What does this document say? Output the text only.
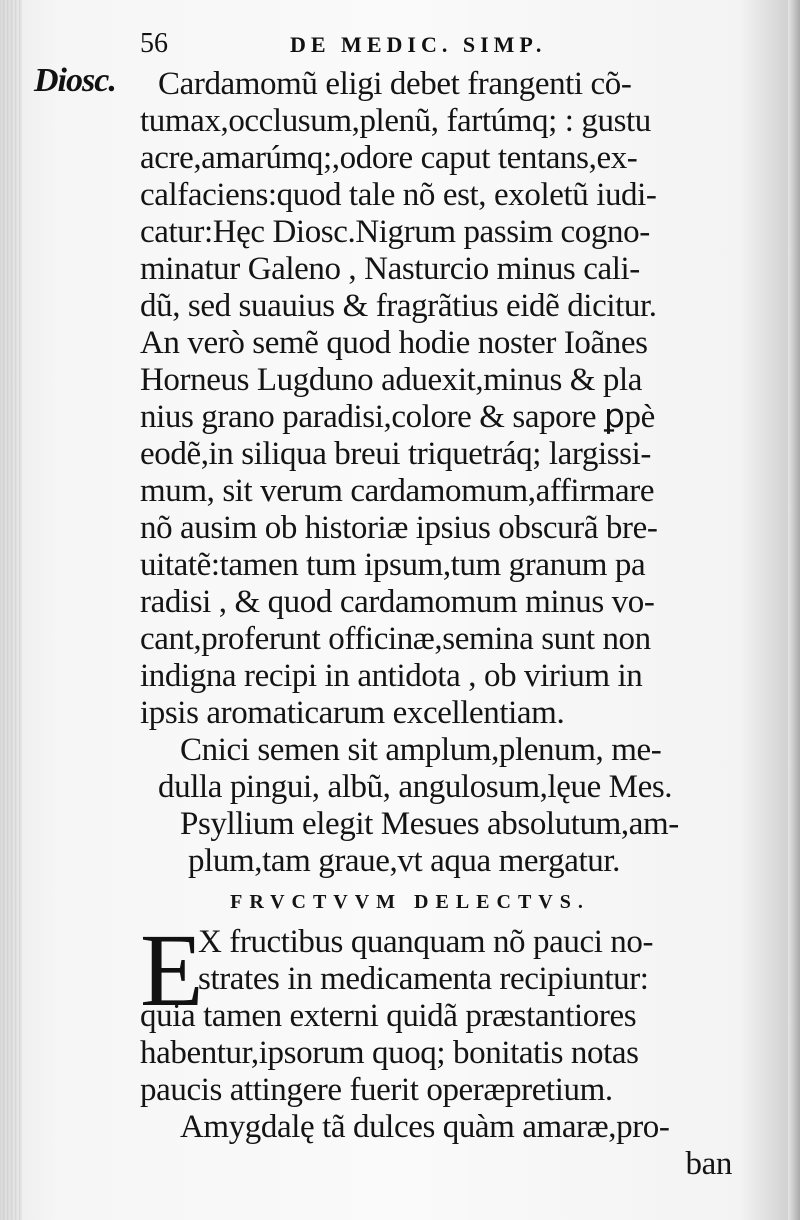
56	DE MEDIC. SIMP.
Diosc.	Cardamomũ eligi debet frangenti cõ-
tumax,occlusum,plenũ, fartúmq; : gustu
acre,amarúmq;,odore caput tentans,ex-
calfaciens:quod tale nõ est, exoletũ iudi-
catur:Hęc Diosc.Nigrum passim cogno-
minatur Galeno , Nasturcio minus cali-
dũ, sed suauius & fragrãtius eidẽ dicitur.
An verò semẽ quod hodie noster Ioãnes
Horneus Lugduno aduexit,minus & pla
nius grano paradisi,colore & sapore ꝑpè
eodẽ,in siliqua breui triquetráq; largissi-
mum, sit verum cardamomum,affirmare
nõ ausim ob historiæ ipsius obscurã bre-
uitatẽ:tamen tum ipsum,tum granum pa
radisi , & quod cardamomum minus vo-
cant,proferunt officinæ,semina sunt non
indigna recipi in antidota , ob virium in
ipsis aromaticarum excellentiam.
Cnici semen sit amplum,plenum, me-
dulla pingui, albũ, angulosum,lęue Mes.
Psyllium elegit Mesues absolutum,am-
plum,tam graue,vt aqua mergatur.
FRVCTVVM DELECTVS.
E
X fructibus quanquam nõ pauci no-
strates in medicamenta recipiuntur:
quia tamen externi quidã præstantiores
habentur,ipsorum quoq; bonitatis notas
paucis attingere fuerit operæpretium.
Amygdalę tã dulces quàm amaræ,pro-
ban
